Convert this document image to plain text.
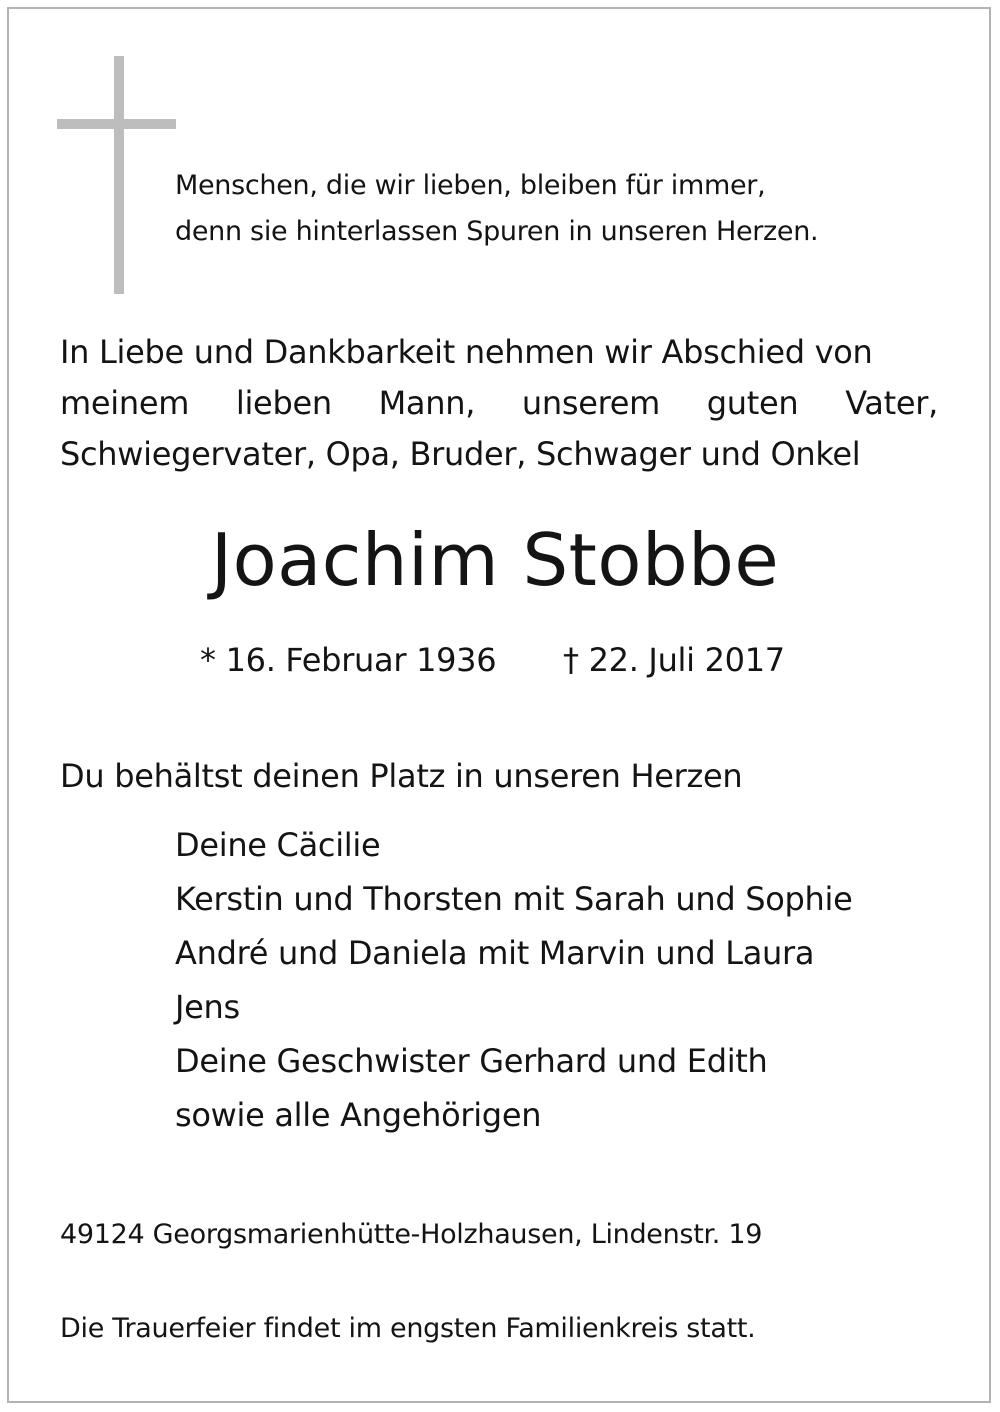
Menschen, die wir lieben, bleiben für immer,

denn sie hinterlassen Spuren in unseren Herzen.

In Liebe und Dankbarkeit nehmen wir Abschied von

meinem lieben Mann, unserem guten Vater,

Schwiegervater, Opa, Bruder, Schwager und Onkel

Joachim Stobbe

* 16. Februar 1936 † 22. Juli 2017

Du behältst deinen Platz in unseren Herzen

Deine Cäcilie

Kerstin und Thorsten mit Sarah und Sophie

André und Daniela mit Marvin und Laura

Jens

Deine Geschwister Gerhard und Edith

sowie alle Angehörigen

49124 Georgsmarienhütte-Holzhausen, Lindenstr. 19

Die Trauerfeier findet im engsten Familienkreis statt.
